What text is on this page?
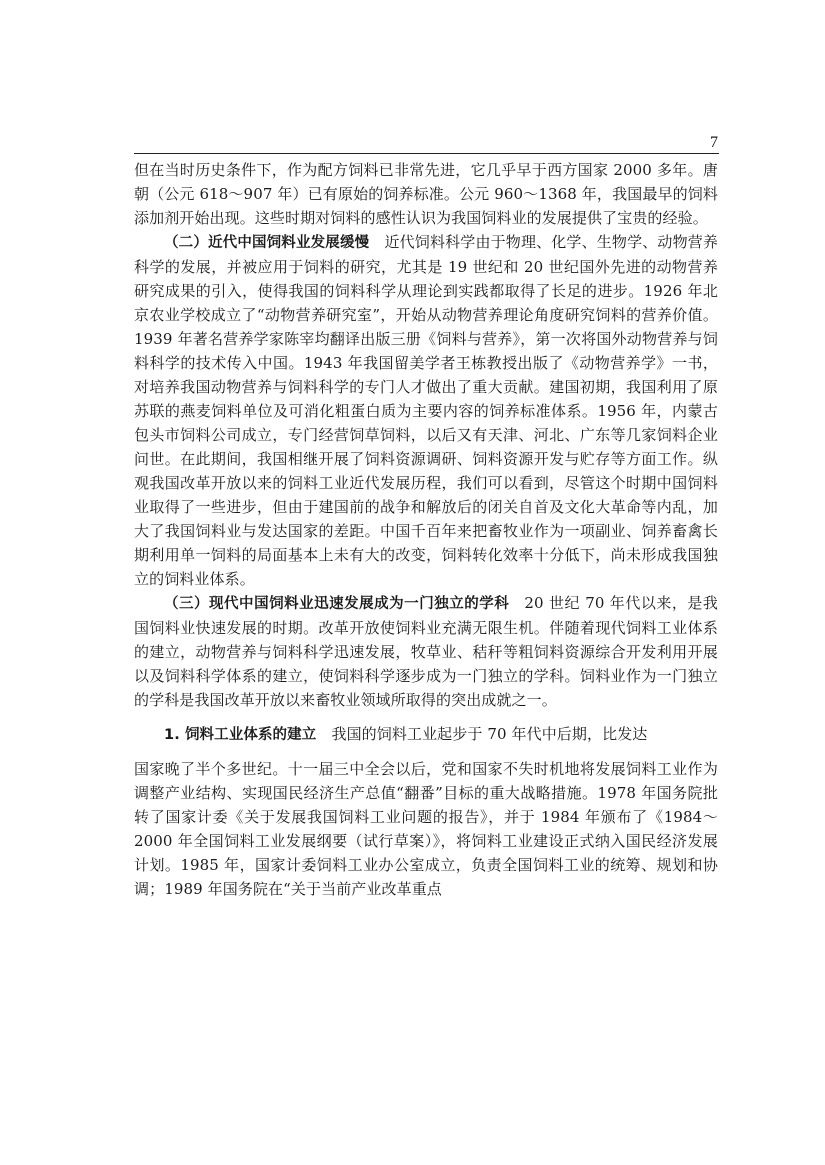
7

但在当时历史条件下，作为配方饲料已非常先进，它几乎早于西方国家 2000 多年。唐朝（公元 618～907 年）已有原始的饲养标准。公元 960～1368 年，我国最早的饲料添加剂开始出现。这些时期对饲料的感性认识为我国饲料业的发展提供了宝贵的经验。

（二）近代中国饲料业发展缓慢  近代饲料科学由于物理、化学、生物学、动物营养科学的发展，并被应用于饲料的研究，尤其是 19 世纪和 20 世纪国外先进的动物营养研究成果的引入，使得我国的饲料科学从理论到实践都取得了长足的进步。1926 年北京农业学校成立了“动物营养研究室”，开始从动物营养理论角度研究饲料的营养价值。1939 年著名营养学家陈宰均翻译出版三册《饲料与营养》，第一次将国外动物营养与饲料科学的技术传入中国。1943 年我国留美学者王栋教授出版了《动物营养学》一书，对培养我国动物营养与饲料科学的专门人才做出了重大贡献。建国初期，我国利用了原苏联的燕麦饲料单位及可消化粗蛋白质为主要内容的饲养标准体系。1956 年，内蒙古包头市饲料公司成立，专门经营饲草饲料，以后又有天津、河北、广东等几家饲料企业问世。在此期间，我国相继开展了饲料资源调研、饲料资源开发与贮存等方面工作。纵观我国改革开放以来的饲料工业近代发展历程，我们可以看到，尽管这个时期中国饲料业取得了一些进步，但由于建国前的战争和解放后的闭关自首及文化大革命等内乱，加大了我国饲料业与发达国家的差距。中国千百年来把畜牧业作为一项副业、饲养畜禽长期利用单一饲料的局面基本上未有大的改变，饲料转化效率十分低下，尚未形成我国独立的饲料业体系。

（三）现代中国饲料业迅速发展成为一门独立的学科  20 世纪 70 年代以来，是我国饲料业快速发展的时期。改革开放使饲料业充满无限生机。伴随着现代饲料工业体系的建立，动物营养与饲料科学迅速发展，牧草业、秸秆等粗饲料资源综合开发利用开展以及饲料科学体系的建立，使饲料科学逐步成为一门独立的学科。饲料业作为一门独立的学科是我国改革开放以来畜牧业领域所取得的突出成就之一。

1. 饲料工业体系的建立  我国的饲料工业起步于 70 年代中后期，比发达

国家晚了半个多世纪。十一届三中全会以后，党和国家不失时机地将发展饲料工业作为调整产业结构、实现国民经济生产总值“翻番”目标的重大战略措施。1978 年国务院批转了国家计委《关于发展我国饲料工业问题的报告》，并于 1984 年颁布了《1984～2000 年全国饲料工业发展纲要（试行草案）》，将饲料工业建设正式纳入国民经济发展计划。1985 年，国家计委饲料工业办公室成立，负责全国饲料工业的统筹、规划和协调；1989 年国务院在“关于当前产业改革重点
